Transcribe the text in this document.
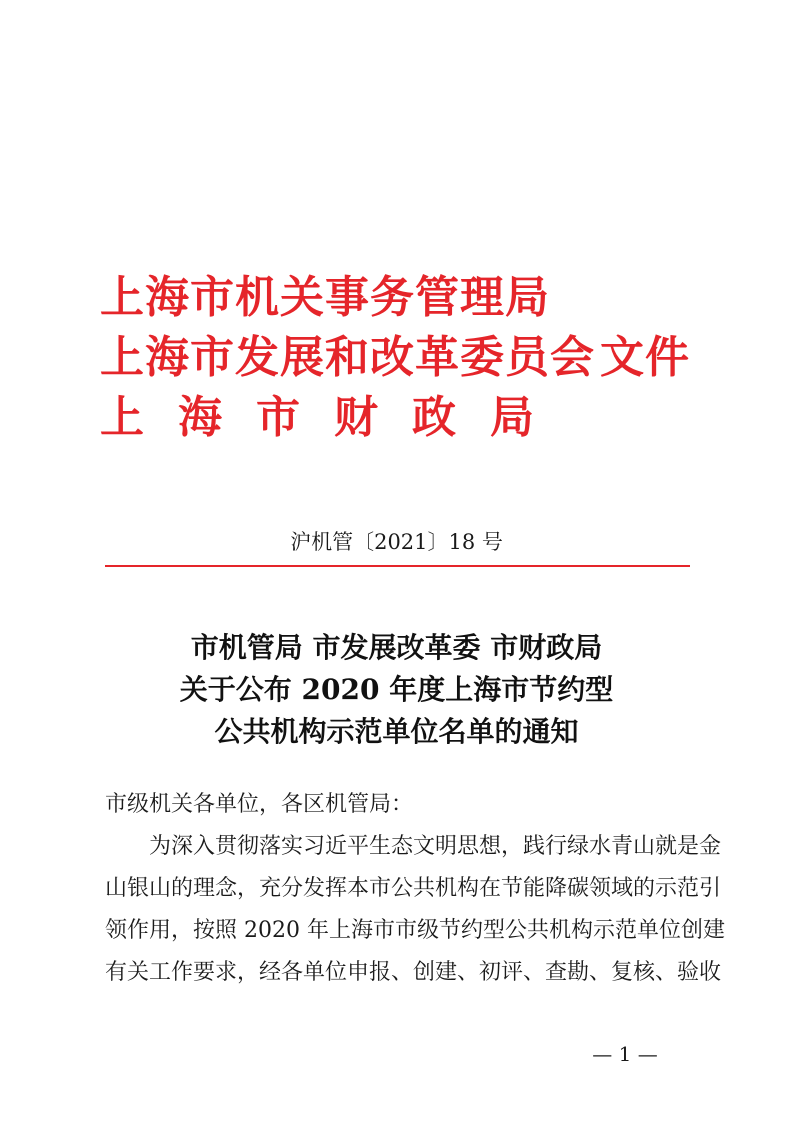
上海市机关事务管理局
上海市发展和改革委员会
上海市财政局
文件
沪机管〔2021〕18 号
市机管局 市发展改革委 市财政局
关于公布 2020 年度上海市节约型
公共机构示范单位名单的通知
市级机关各单位，各区机管局：
为深入贯彻落实习近平生态文明思想，践行绿水青山就是金
山银山的理念，充分发挥本市公共机构在节能降碳领域的示范引
领作用，按照 2020 年上海市市级节约型公共机构示范单位创建
有关工作要求，经各单位申报、创建、初评、查勘、复核、验收
— 1 —
